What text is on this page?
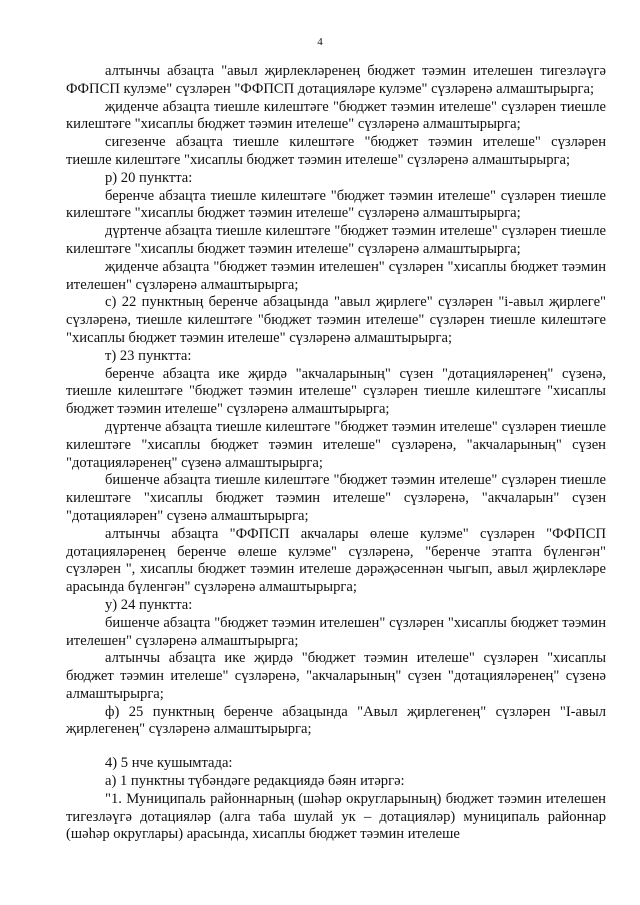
4

алтынчы абзацта "авыл җирлекләренең бюджет тәэмин ителешен тигезләүгә ФФПСП кулэме" сүзләрен "ФФПСП дотацияләре кулэме" сүзләренә алмаштырырга;

җиденче абзацта тиешле килештәге "бюджет тәэмин ителеше" сүзләрен тиешле килештәге "хисаплы бюджет тәэмин ителеше" сүзләренә алмаштырырга;

сигезенче абзацта тиешле килештәге "бюджет тәэмин ителеше" сүзләрен тиешле килештәге "хисаплы бюджет тәэмин ителеше" сүзләренә алмаштырырга;

р) 20 пунктта:

беренче абзацта тиешле килештәге "бюджет тәэмин ителеше" сүзләрен тиешле килештәге "хисаплы бюджет тәэмин ителеше" сүзләренә алмаштырырга;

дүртенче абзацта тиешле килештәге "бюджет тәэмин ителеше" сүзләрен тиешле килештәге "хисаплы бюджет тәэмин ителеше" сүзләренә алмаштырырга;

җиденче абзацта "бюджет тәэмин ителешен" сүзләрен "хисаплы бюджет тәэмин ителешен" сүзләренә алмаштырырга;

с) 22 пунктның беренче абзацында "авыл җирлеге" сүзләрен "i-авыл җирлеге" сүзләренә, тиешле килештәге "бюджет тәэмин ителеше" сүзләрен тиешле килештәге "хисаплы бюджет тәэмин ителеше" сүзләренә алмаштырырга;

т) 23 пунктта:

беренче абзацта ике җирдә "акчаларының" сүзен "дотацияләренең" сүзенә, тиешле килештәге "бюджет тәэмин ителеше" сүзләрен тиешле килештәге "хисаплы бюджет тәэмин ителеше" сүзләренә алмаштырырга;

дүртенче абзацта тиешле килештәге "бюджет тәэмин ителеше" сүзләрен тиешле килештәге "хисаплы бюджет тәэмин ителеше" сүзләренә, "акчаларының" сүзен "дотацияләренең" сүзенә алмаштырырга;

бишенче абзацта тиешле килештәге "бюджет тәэмин ителеше" сүзләрен тиешле килештәге "хисаплы бюджет тәэмин ителеше" сүзләренә, "акчаларын" сүзен "дотацияләрен" сүзенә алмаштырырга;

алтынчы абзацта "ФФПСП акчалары өлеше кулэме" сүзләрен "ФФПСП дотацияләренең беренче өлеше кулэме" сүзләренә, "беренче этапта бүленгән" сүзләрен ", хисаплы бюджет тәэмин ителеше дәрәҗәсеннән чыгып, авыл җирлекләре арасында бүленгән" сүзләренә алмаштырырга;

у) 24 пунктта:

бишенче абзацта "бюджет тәэмин ителешен" сүзләрен "хисаплы бюджет тәэмин ителешен" сүзләренә алмаштырырга;

алтынчы абзацта ике җирдә "бюджет тәэмин ителеше" сүзләрен "хисаплы бюджет тәэмин ителеше" сүзләренә, "акчаларының" сүзен "дотацияләренең" сүзенә алмаштырырга;

ф) 25 пунктның беренче абзацында "Авыл җирлегенең" сүзләрен "I-авыл җирлегенең" сүзләренә алмаштырырга;

4) 5 нче кушымтада:

а) 1 пунктны түбәндәге редакциядә бәян итәргә:

"1. Муниципаль районнарның (шәһәр округларының) бюджет тәэмин ителешен тигезләүгә дотацияләр (алга таба шулай ук – дотацияләр) муниципаль районнар (шәһәр округлары) арасында, хисаплы бюджет тәэмин ителеше
